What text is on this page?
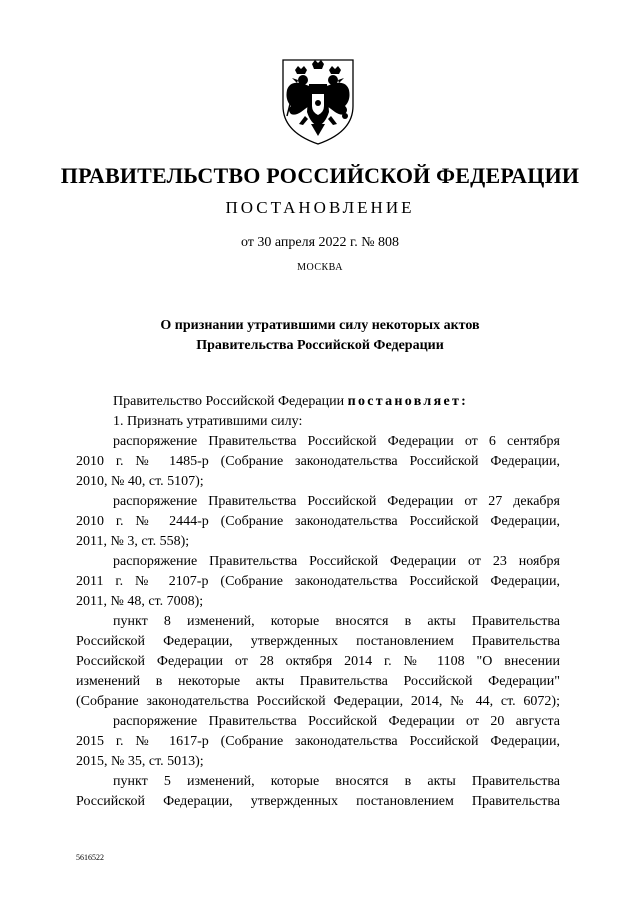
ПРАВИТЕЛЬСТВО РОССИЙСКОЙ ФЕДЕРАЦИИ
ПОСТАНОВЛЕНИЕ
от 30 апреля 2022 г. № 808
МОСКВА
О признании утратившими силу некоторых актов
Правительства Российской Федерации

Правительство Российской Федерации постановляет:

1. Признать утратившими силу:

распоряжение Правительства Российской Федерации от 6 сентября
2010 г. № 1485-р (Собрание законодательства Российской Федерации,

2010, № 40, ст. 5107);

распоряжение Правительства Российской Федерации от 27 декабря

2010 г. № 2444-р (Собрание законодательства Российской Федерации,

2011, № 3, ст. 558);

распоряжение Правительства Российской Федерации от 23 ноября

2011 г. № 2107-р (Собрание законодательства Российской Федерации,

2011, № 48, ст. 7008);

пункт 8 изменений, которые вносятся в акты Правительства

Российской Федерации, утвержденных постановлением Правительства

Российской Федерации от 28 октября 2014 г. № 1108 "О внесении

изменений в некоторые акты Правительства Российской Федерации"

(Собрание законодательства Российской Федерации, 2014, № 44, ст. 6072);

распоряжение Правительства Российской Федерации от 20 августа

2015 г. № 1617-р (Собрание законодательства Российской Федерации,

2015, № 35, ст. 5013);

пункт 5 изменений, которые вносятся в акты Правительства

Российской Федерации, утвержденных постановлением Правительства

5616522
